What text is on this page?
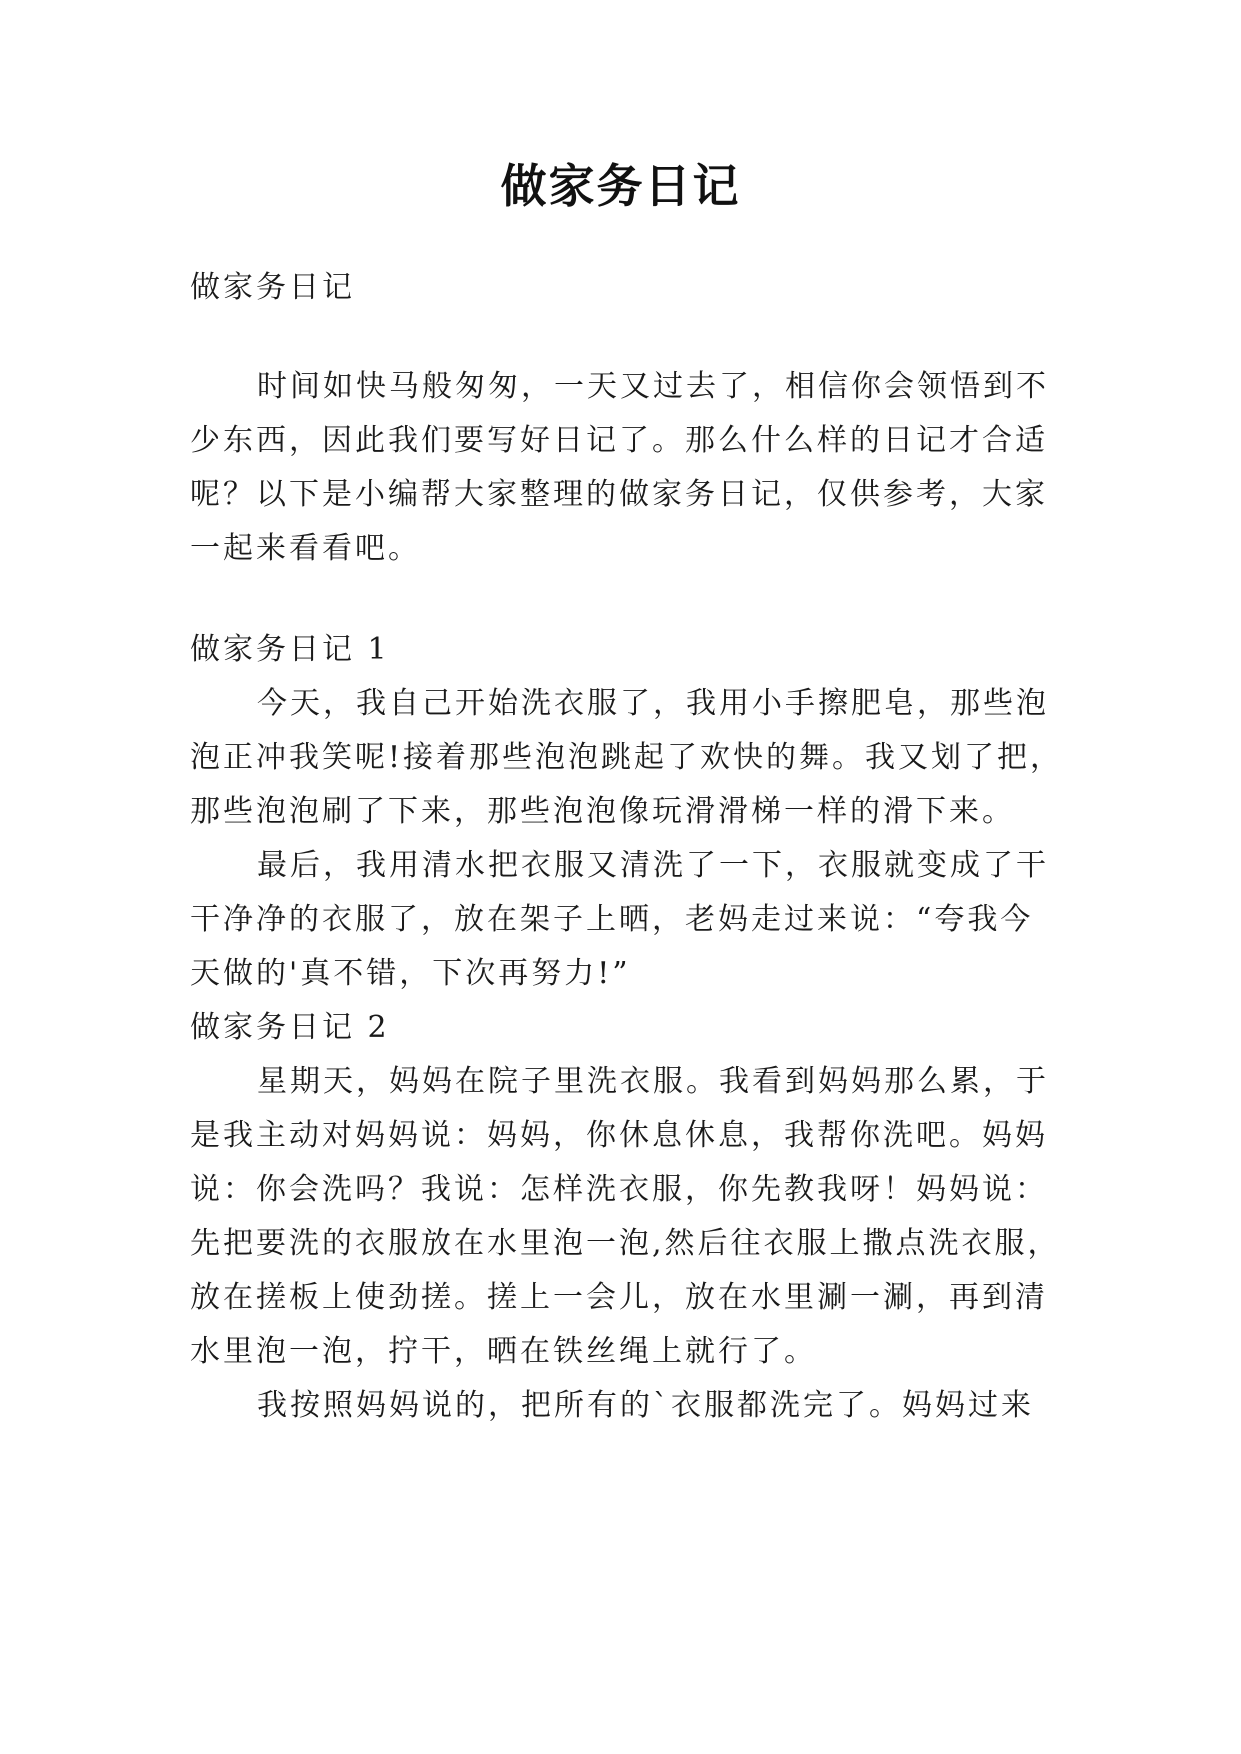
做家务日记
做家务日记
时间如快马般匆匆，一天又过去了，相信你会领悟到不
少东西，因此我们要写好日记了。那么什么样的日记才合适
呢？以下是小编帮大家整理的做家务日记，仅供参考，大家
一起来看看吧。
做家务日记 1
今天，我自己开始洗衣服了，我用小手擦肥皂，那些泡
泡正冲我笑呢!接着那些泡泡跳起了欢快的舞。我又划了把，
那些泡泡刷了下来，那些泡泡像玩滑滑梯一样的滑下来。
最后，我用清水把衣服又清洗了一下，衣服就变成了干
干净净的衣服了，放在架子上晒，老妈走过来说：“夸我今
天做的'真不错，下次再努力!”
做家务日记 2
星期天，妈妈在院子里洗衣服。我看到妈妈那么累，于
是我主动对妈妈说：妈妈，你休息休息，我帮你洗吧。妈妈
说：你会洗吗？我说：怎样洗衣服，你先教我呀！妈妈说：
先把要洗的衣服放在水里泡一泡,然后往衣服上撒点洗衣服，
放在搓板上使劲搓。搓上一会儿，放在水里涮一涮，再到清
水里泡一泡，拧干，晒在铁丝绳上就行了。
我按照妈妈说的，把所有的`衣服都洗完了。妈妈过来
